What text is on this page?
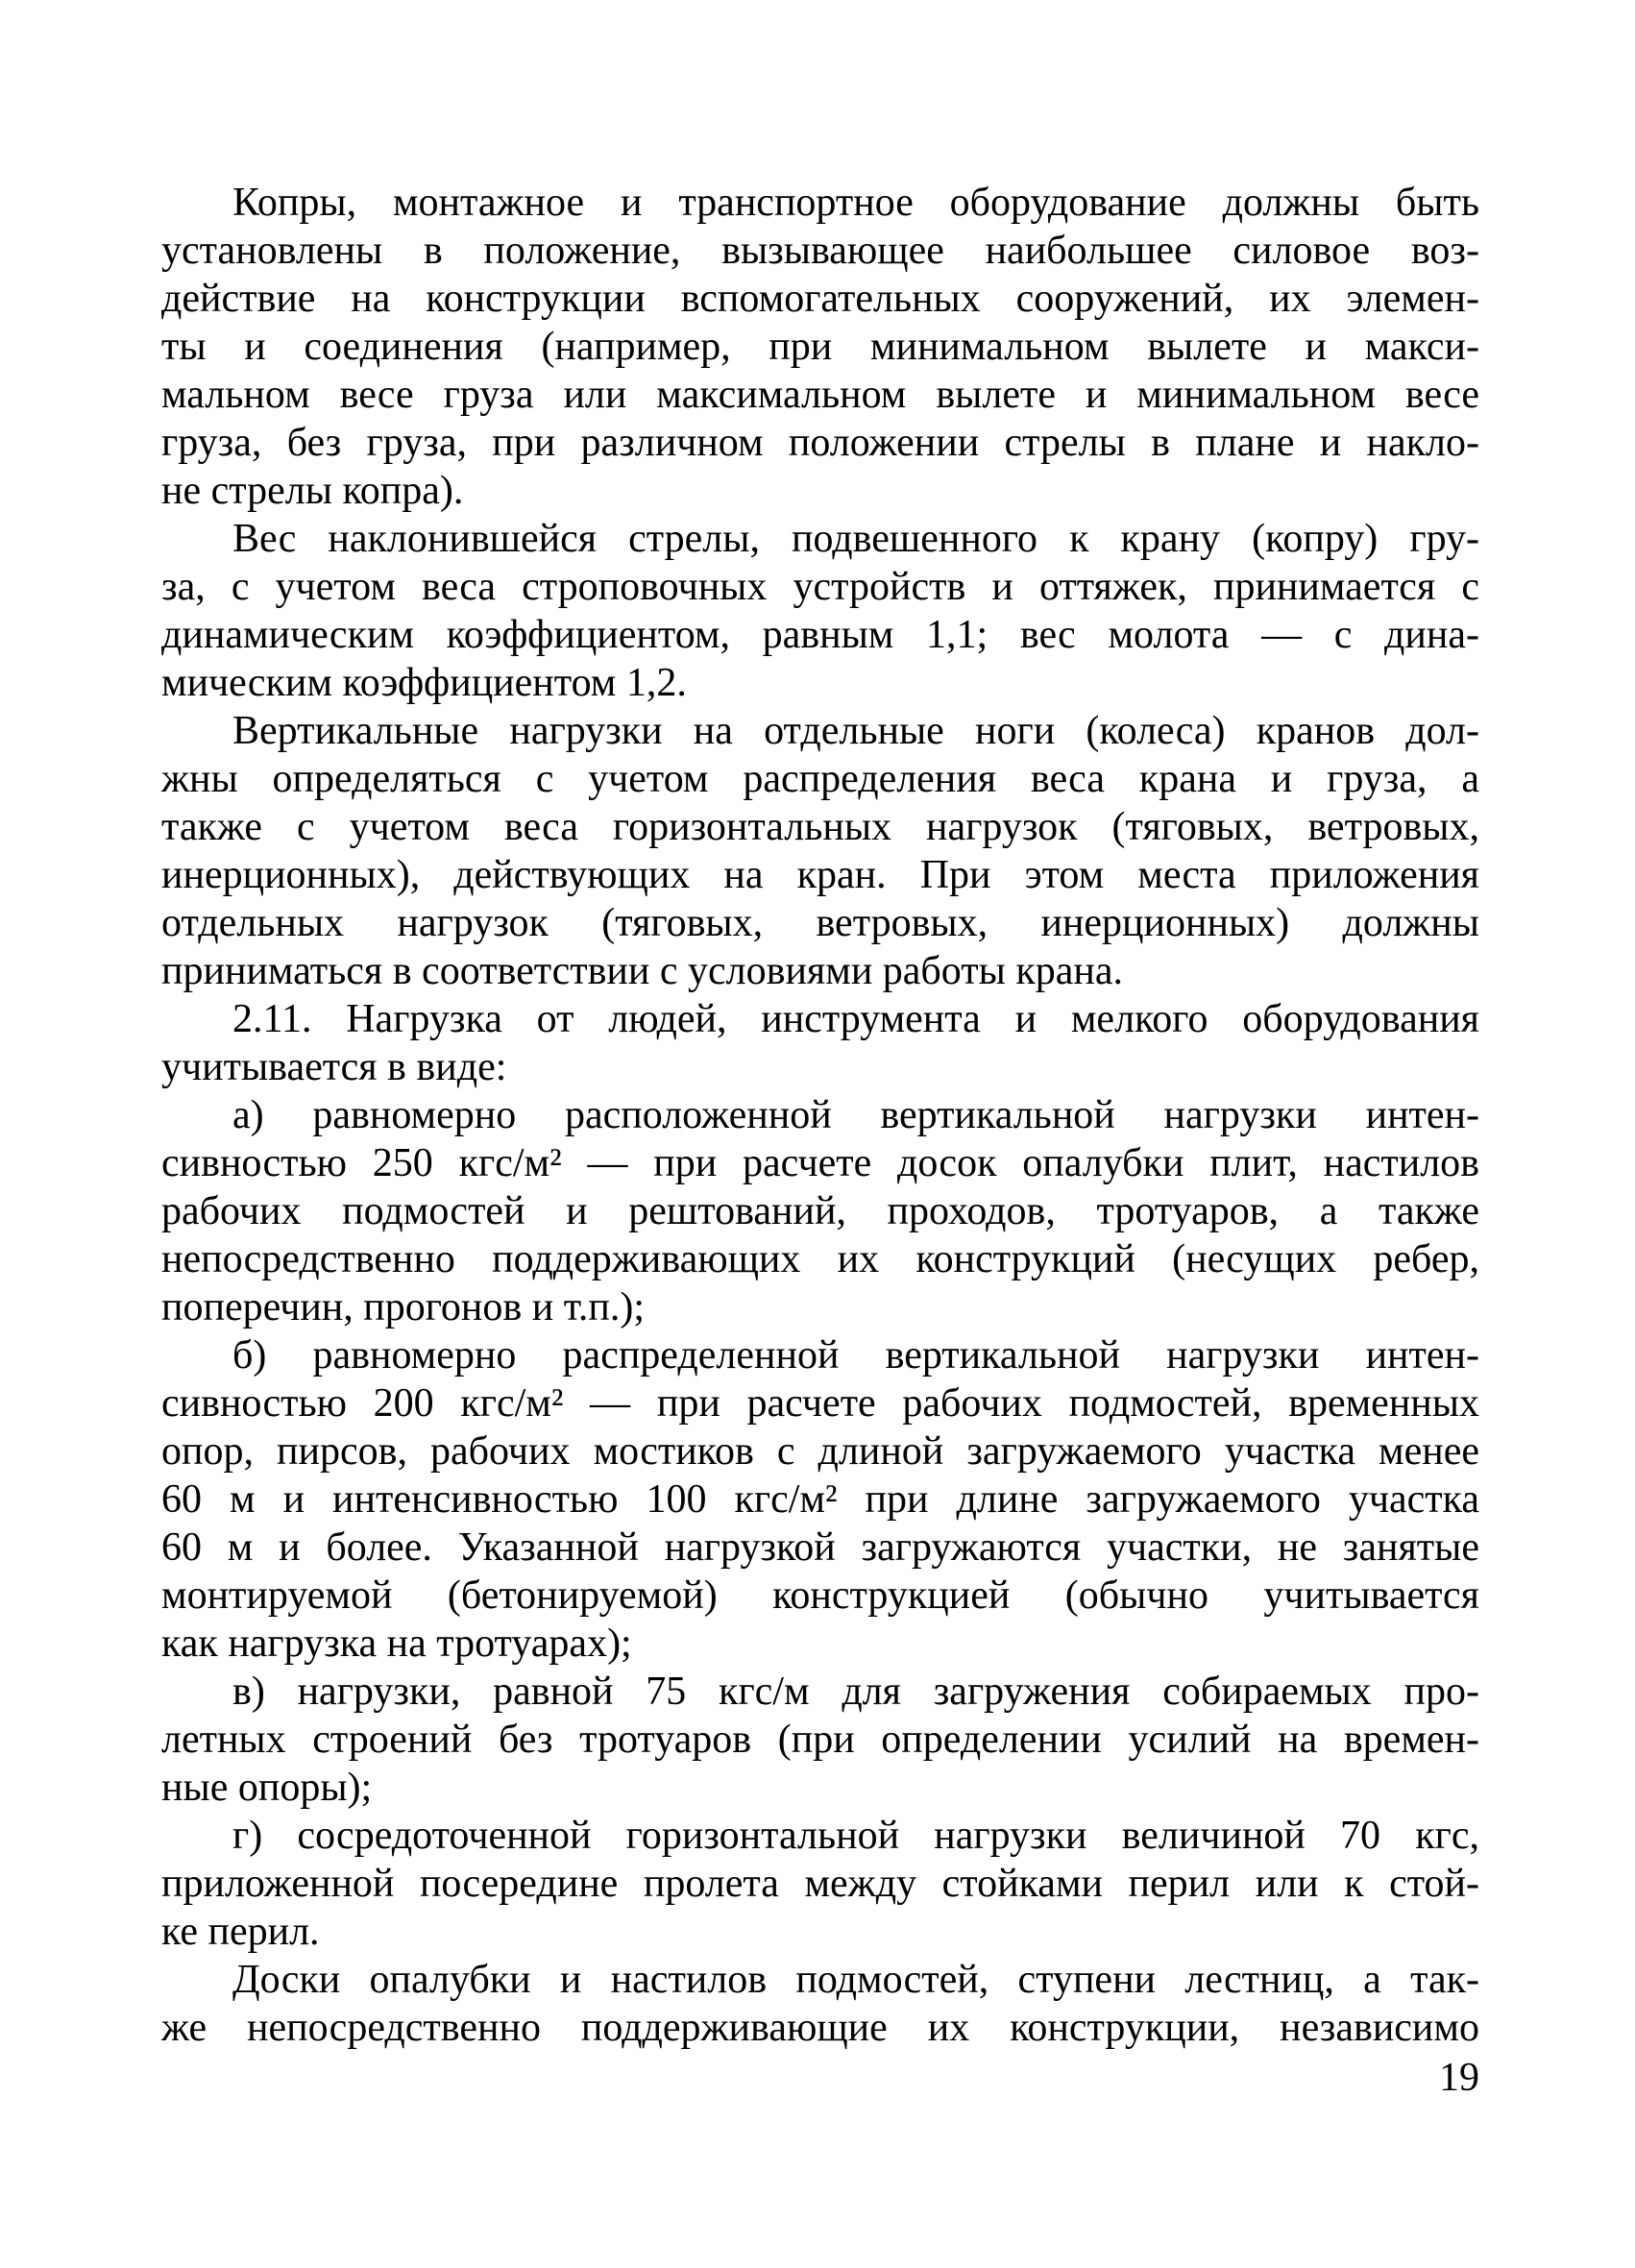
Копры, монтажное и транспортное оборудование должны быть
установлены в положение, вызывающее наибольшее силовое воз-
действие на конструкции вспомогательных сооружений, их элемен-
ты и соединения (например, при минимальном вылете и макси-
мальном весе груза или максимальном вылете и минимальном весе
груза, без груза, при различном положении стрелы в плане и накло-
не стрелы копра).
Вес наклонившейся стрелы, подвешенного к крану (копру) гру-
за, с учетом веса строповочных устройств и оттяжек, принимается с
динамическим коэффициентом, равным 1,1; вес молота — с дина-
мическим коэффициентом 1,2.
Вертикальные нагрузки на отдельные ноги (колеса) кранов дол-
жны определяться с учетом распределения веса крана и груза, а
также с учетом веса горизонтальных нагрузок (тяговых, ветровых,
инерционных), действующих на кран. При этом места приложения
отдельных нагрузок (тяговых, ветровых, инерционных) должны
приниматься в соответствии с условиями работы крана.
2.11. Нагрузка от людей, инструмента и мелкого оборудования
учитывается в виде:
а) равномерно расположенной вертикальной нагрузки интен-
сивностью 250 кгс/м² — при расчете досок опалубки плит, настилов
рабочих подмостей и рештований, проходов, тротуаров, а также
непосредственно поддерживающих их конструкций (несущих ребер,
поперечин, прогонов и т.п.);
б) равномерно распределенной вертикальной нагрузки интен-
сивностью 200 кгс/м² — при расчете рабочих подмостей, временных
опор, пирсов, рабочих мостиков с длиной загружаемого участка менее
60 м и интенсивностью 100 кгс/м² при длине загружаемого участка
60 м и более. Указанной нагрузкой загружаются участки, не занятые
монтируемой (бетонируемой) конструкцией (обычно учитывается
как нагрузка на тротуарах);
в) нагрузки, равной 75 кгс/м для загружения собираемых про-
летных строений без тротуаров (при определении усилий на времен-
ные опоры);
г) сосредоточенной горизонтальной нагрузки величиной 70 кгс,
приложенной посередине пролета между стойками перил или к стой-
ке перил.
Доски опалубки и настилов подмостей, ступени лестниц, а так-
же непосредственно поддерживающие их конструкции, независимо
19
